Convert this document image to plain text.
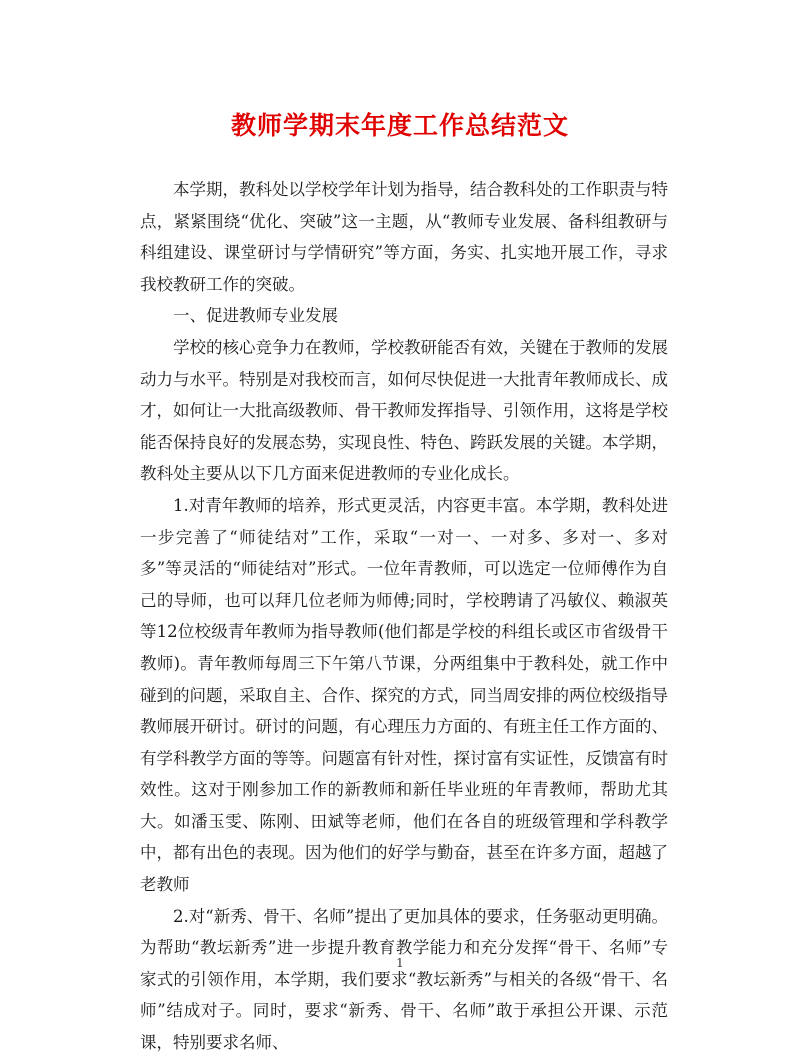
教师学期末年度工作总结范文

本学期，教科处以学校学年计划为指导，结合教科处的工作职责与特点，紧紧围绕“优化、突破”这一主题，从“教师专业发展、备科组教研与科组建设、课堂研讨与学情研究”等方面，务实、扎实地开展工作，寻求我校教研工作的突破。

一、促进教师专业发展

学校的核心竞争力在教师，学校教研能否有效，关键在于教师的发展动力与水平。特别是对我校而言，如何尽快促进一大批青年教师成长、成才，如何让一大批高级教师、骨干教师发挥指导、引领作用，这将是学校能否保持良好的发展态势，实现良性、特色、跨跃发展的关键。本学期，教科处主要从以下几方面来促进教师的专业化成长。

1.对青年教师的培养，形式更灵活，内容更丰富。本学期，教科处进一步完善了“师徒结对”工作，采取“一对一、一对多、多对一、多对多”等灵活的“师徒结对”形式。一位年青教师，可以选定一位师傅作为自己的导师，也可以拜几位老师为师傅;同时，学校聘请了冯敏仪、赖淑英等12位校级青年教师为指导教师(他们都是学校的科组长或区市省级骨干教师)。青年教师每周三下午第八节课，分两组集中于教科处，就工作中碰到的问题，采取自主、合作、探究的方式，同当周安排的两位校级指导教师展开研讨。研讨的问题，有心理压力方面的、有班主任工作方面的、有学科教学方面的等等。问题富有针对性，探讨富有实证性，反馈富有时效性。这对于刚参加工作的新教师和新任毕业班的年青教师，帮助尤其大。如潘玉雯、陈刚、田斌等老师，他们在各自的班级管理和学科教学中，都有出色的表现。因为他们的好学与勤奋，甚至在许多方面，超越了老教师

2.对“新秀、骨干、名师”提出了更加具体的要求，任务驱动更明确。为帮助“教坛新秀”进一步提升教育教学能力和充分发挥“骨干、名师”专家式的引领作用，本学期，我们要求“教坛新秀”与相关的各级“骨干、名师”结成对子。同时，要求“新秀、骨干、名师”敢于承担公开课、示范课，特别要求名师、

1
